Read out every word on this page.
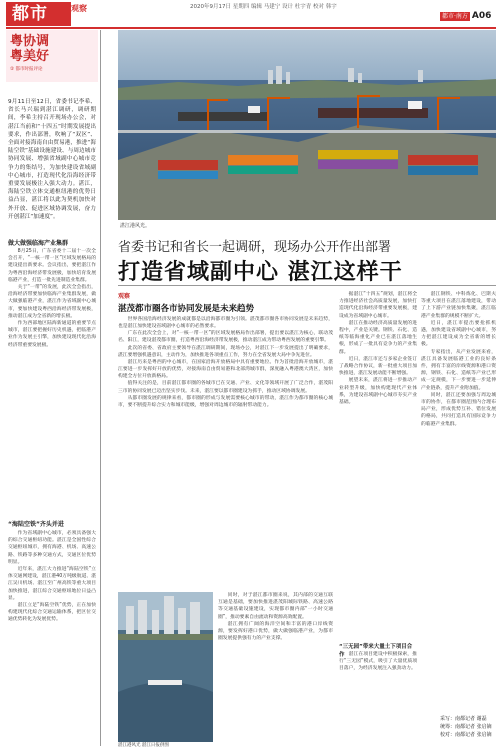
都市	观察	2020年9月17日 星期四 编辑 马建宁 设计 杜宇青 校对 韩宇
都市·南方 A06
粤协调
粤美好
② 都市时报评论
9月11日至12日，省委书记李希、省长马兴瑞到湛江调研，调研期间，李希主持召开现场办公会，对湛江当前和“十四五”时期发展提出要求，作出部署，吹响了“双区”、全面对接海南自由贸易港，推进“海陆空铁”基础设施建设、与周边城市协同发展、增强省域副中心城市竞争力的集结号，为加快建设省域副中心城市，打造现代化沿海经济带重要发展极注入强大动力。湛江，海陆空铁立体交通枢纽港的优势日益凸显，湛江将以此为契机加快对外开放、促进区域协调发展，奋力开创湛江“加速度”。
做大做强临海产业集群

8月25日，广东省委十二届十一次全会召开，“一核一带一区”区域发展格局的建设提出新要求。会议指出，要把湛江作为粤西沿海经济带发展极，加快培育发展临港产业，打造一批先进制造业集群。

关于“一带”的发展，此次全会指出，沿海经济带要加快临海产业集群发展，做大做强临港产业，湛江作为省域副中心城市，要加快建设粤西沿海经济带发展极，推动湛江成为全省新的增长极。

作为西部地区陆海新通道的重要节点城市，湛江要把握好历史机遇，把临港产业作为发展主引擎，加快建设现代化沿海经济带重要发展极。

“海陆空铁”齐头并进

作为省域副中心城市，必须具备强大的综合交通枢纽功能。湛江是全国性综合交通枢纽城市，拥有海港、机场、高速公路、铁路等多种交通方式，交通区位优势明显。

近年来，湛江大力推进“海陆空铁”立体交通网建设，湛江港40万吨级航道、湛江吴川机场、湛江至广州高铁等重大项目加快推进，湛江综合交通枢纽地位日益凸显。

湛江立足“海陆空铁”优势，正在加快构建现代化综合交通运输体系，把区位交通优势转化为发展优势。

湛江港风光。
省委书记和省长一起调研，现场办公开作出部署
打造省域副中心 湛江这样干
观察
湛茂都市圈各市协同发展是未来趋势

世界各国沿海经济发展的成就都是以沿海都市圈为引领。湛茂都市圈各市协同发展是未来趋势，也是湛江加快建设省域副中心城市的必然要求。

广东在此次全会上，对“一核一带一区”的区域发展格局作出部署，提出要以湛江为核心，联动茂名、阳江，建设湛茂都市圈，打造粤西沿海经济带发展极，推动湛江成为带动粤西发展的重要引擎。

此次的省委、省政府主要领导在湛江调研期间，现场办公，对湛江下一步发展提出了明确要求，湛江要增强机遇意识，主动作为，加快推进各项重点工作，努力在全省发展大局中争先进位。

湛江历来是粤西的中心城市，在国家沿海开放格局中具有重要地位。作为首批沿海开放城市，湛江要进一步发挥好开放的优势，对接海南自由贸易港和北部湾城市群，深度融入粤港澳大湾区，加快构建全方位开放新格局。

值得关注的是，目前湛江都市圈的各城市已在交通、产业、文化等领域开展了广泛合作，湛茂阳三市的协同发展已迈出坚实步伐。未来，湛江要以都市圈建设为抓手，推动区域协调发展。

从都市圈发展的规律来看，都市圈的形成与发展需要核心城市的带动，湛江作为都市圈的核心城市，要不断提升综合实力和城市能级，增强对周边城市的辐射带动能力。

湛江港风光 湛江日报供图

同时，对于湛江都市圈来说，其内部的交通互联互通是基础，要加快推进湛茂阳城际铁路、高速公路等交通基础设施建设，实现都市圈内部“一小时交通圈”，推动要素自由流动和资源高效配置。

湛江拥有广阔的海洋空间和丰富的港口岸线资源，要发挥好港口优势，做大做强临港产业，为都市圈发展提供强有力的产业支撑。

据湛江“十四五”规划，湛江将全力推进经济社会高质量发展，加快打造现代化沿海经济带重要发展极，建设成为省域副中心城市。

湛江在推动经济高质量发展的进程中，产业是关键。钢铁、石化、造纸等临海重化产业已在湛江落地生根，形成了一批具有竞争力的产业集群。

近日，湛江市还与多家企业签订了战略合作协议，新一批重大项目加快推进，湛江发展动能不断增强。

展望未来，湛江将进一步推动产业转型升级，加快构建现代产业体系，为建设省域副中心城市夯实产业基础。

“三无园”带来大量土下项目合作 湛江在项目建设中积极探索，推行“三无园”模式，吸引了大量优质项目落户，为经济发展注入强劲动力。

湛江钢铁、中科炼化、巴斯夫等重大项目在湛江落地建设，带动了上下游产业链加快集聚，湛江临港产业集群的规模不断扩大。

近日，湛江市提出要抢抓机遇，加快建设省域副中心城市，努力把湛江建设成为全省新的增长极。

专家指出，从产业发展来看，湛江具备发展临港工业的良好条件，拥有丰富的岸线资源和港口资源，钢铁、石化、造纸等产业已形成一定规模，下一步要进一步延伸产业链条，提升产业附加值。

同时，湛江还要加强与周边城市的协作，在都市圈范围内合理布局产业，形成优势互补、错位发展的格局，共同打造具有国际竞争力的临港产业集群。

采写：南都记者 谢磊
统筹：南都记者 张启镝
校对：南都记者 张启镝
